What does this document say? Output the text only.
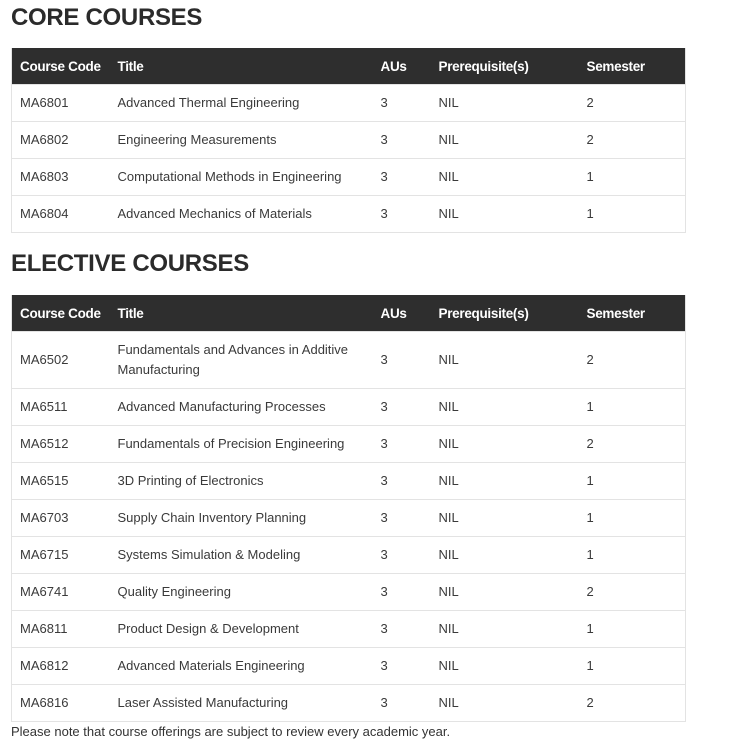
CORE COURSES
Course Code	Title	AUs	Prerequisite(s)	Semester
MA6801	Advanced Thermal Engineering	3	NIL	2
MA6802	Engineering Measurements	3	NIL	2
MA6803	Computational Methods in Engineering	3	NIL	1
MA6804	Advanced Mechanics of Materials	3	NIL	1
ELECTIVE COURSES
Course Code	Title	AUs	Prerequisite(s)	Semester
MA6502	Fundamentals and Advances in Additive Manufacturing	3	NIL	2
MA6511	Advanced Manufacturing Processes	3	NIL	1
MA6512	Fundamentals of Precision Engineering	3	NIL	2
MA6515	3D Printing of Electronics	3	NIL	1
MA6703	Supply Chain Inventory Planning	3	NIL	1
MA6715	Systems Simulation & Modeling	3	NIL	1
MA6741	Quality Engineering	3	NIL	2
MA6811	Product Design & Development	3	NIL	1
MA6812	Advanced Materials Engineering	3	NIL	1
MA6816	Laser Assisted Manufacturing	3	NIL	2

Please note that course offerings are subject to review every academic year.
